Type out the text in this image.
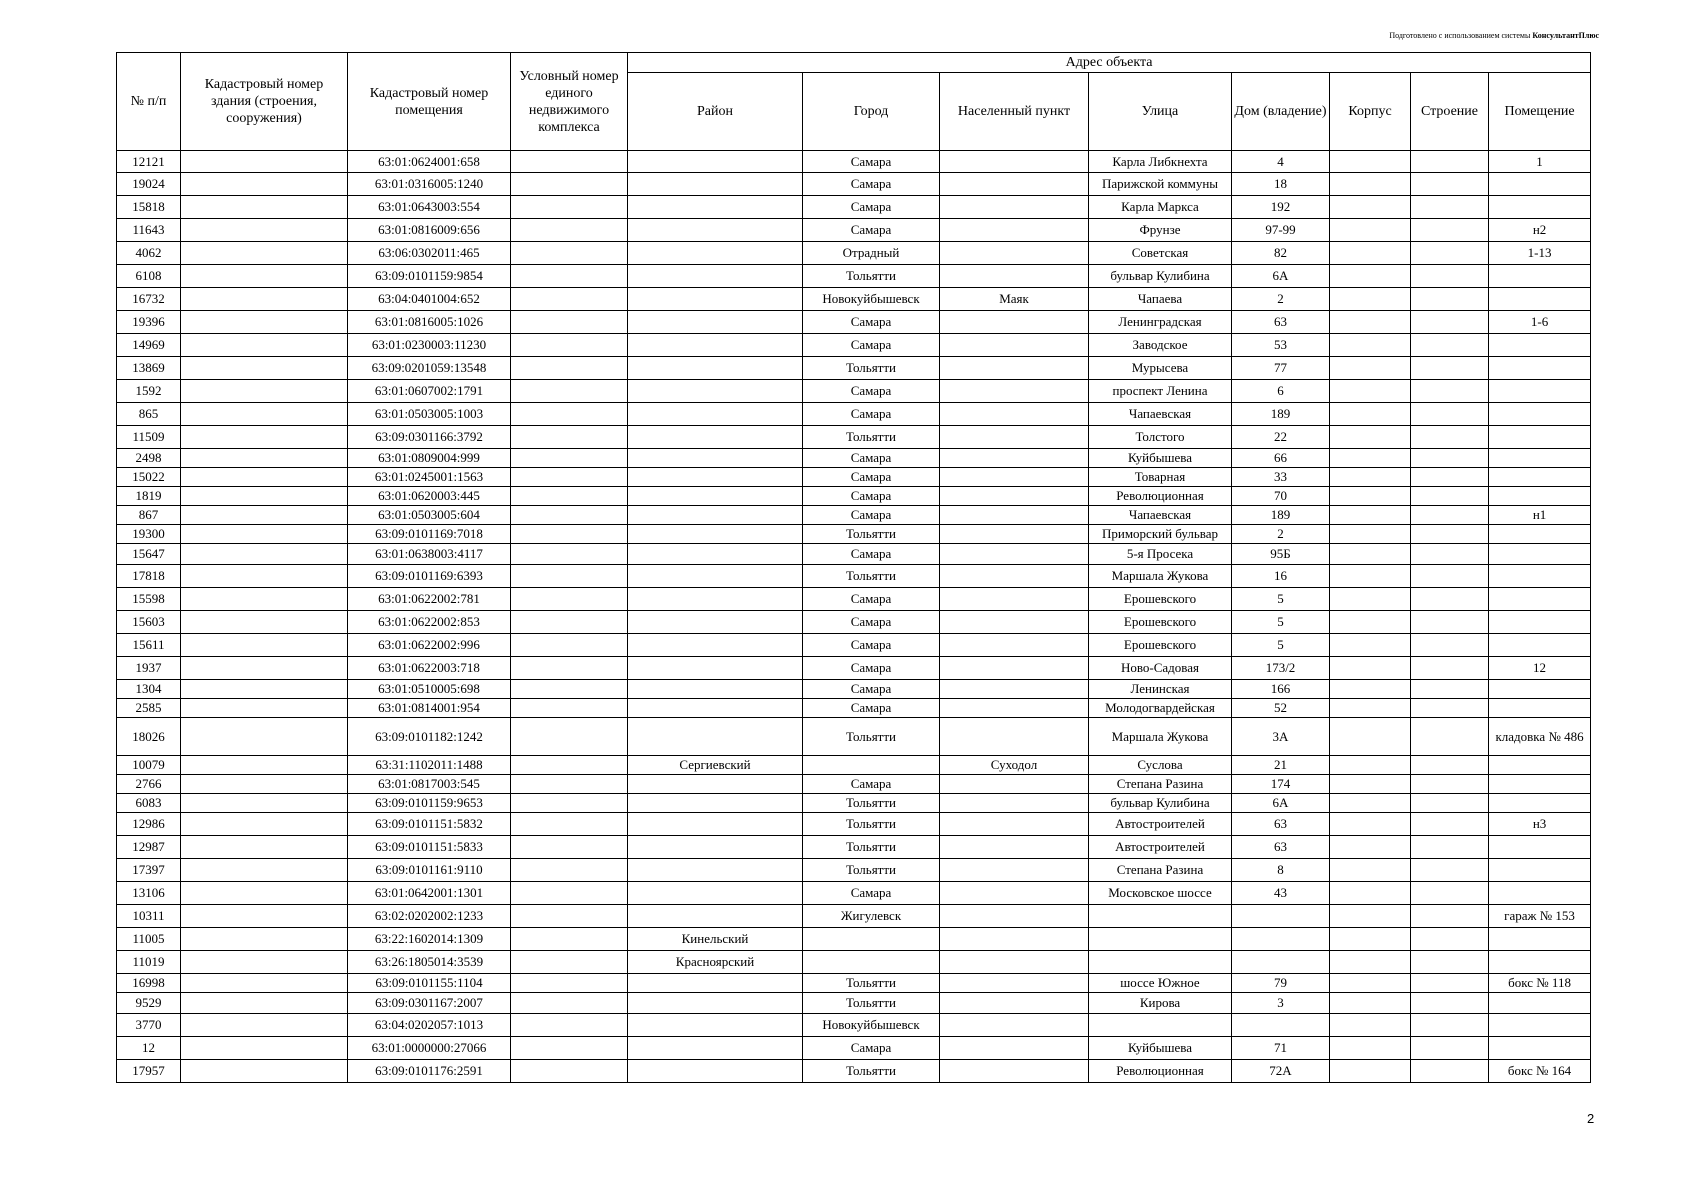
Подготовлено с использованием системы КонсультантПлюс
№ п/п	Кадастровый номер здания (строения, сооружения)	Кадастровый номер помещения	Условный номер единого недвижимого комплекса	Адрес объекта							
				Район	Город	Населенный пункт	Улица	Дом (владение)	Корпус	Строение	Помещение
12121		63:01:0624001:658			Самара		Карла Либкнехта	4			1
19024		63:01:0316005:1240			Самара		Парижской коммуны	18			
15818		63:01:0643003:554			Самара		Карла Маркса	192			
11643		63:01:0816009:656			Самара		Фрунзе	97-99			н2
4062		63:06:0302011:465			Отрадный		Советская	82			1-13
6108		63:09:0101159:9854			Тольятти		бульвар Кулибина	6А			
16732		63:04:0401004:652			Новокуйбышевск	Маяк	Чапаева	2			
19396		63:01:0816005:1026			Самара		Ленинградская	63			1-6
14969		63:01:0230003:11230			Самара		Заводское	53			
13869		63:09:0201059:13548			Тольятти		Мурысева	77			
1592		63:01:0607002:1791			Самара		проспект Ленина	6			
865		63:01:0503005:1003			Самара		Чапаевская	189			
11509		63:09:0301166:3792			Тольятти		Толстого	22			
2498		63:01:0809004:999			Самара		Куйбышева	66			
15022		63:01:0245001:1563			Самара		Товарная	33			
1819		63:01:0620003:445			Самара		Революционная	70			
867		63:01:0503005:604			Самара		Чапаевская	189			н1
19300		63:09:0101169:7018			Тольятти		Приморский бульвар	2			
15647		63:01:0638003:4117			Самара		5-я Просека	95Б			
17818		63:09:0101169:6393			Тольятти		Маршала Жукова	16			
15598		63:01:0622002:781			Самара		Ерошевского	5			
15603		63:01:0622002:853			Самара		Ерошевского	5			
15611		63:01:0622002:996			Самара		Ерошевского	5			
1937		63:01:0622003:718			Самара		Ново-Садовая	173/2			12
1304		63:01:0510005:698			Самара		Ленинская	166			
2585		63:01:0814001:954			Самара		Молодогвардейская	52			
18026		63:09:0101182:1242			Тольятти		Маршала Жукова	3А			кладовка № 486
10079		63:31:1102011:1488		Сергиевский		Суходол	Суслова	21			
2766		63:01:0817003:545			Самара		Степана Разина	174			
6083		63:09:0101159:9653			Тольятти		бульвар Кулибина	6А			
12986		63:09:0101151:5832			Тольятти		Автостроителей	63			н3
12987		63:09:0101151:5833			Тольятти		Автостроителей	63			
17397		63:09:0101161:9110			Тольятти		Степана Разина	8			
13106		63:01:0642001:1301			Самара		Московское шоссе	43			
10311		63:02:0202002:1233			Жигулевск						гараж № 153
11005		63:22:1602014:1309		Кинельский							
11019		63:26:1805014:3539		Красноярский							
16998		63:09:0101155:1104			Тольятти		шоссе Южное	79			бокс № 118
9529		63:09:0301167:2007			Тольятти		Кирова	3			
3770		63:04:0202057:1013			Новокуйбышевск						
12		63:01:0000000:27066			Самара		Куйбышева	71			
17957		63:09:0101176:2591			Тольятти		Революционная	72А			бокс № 164
2
